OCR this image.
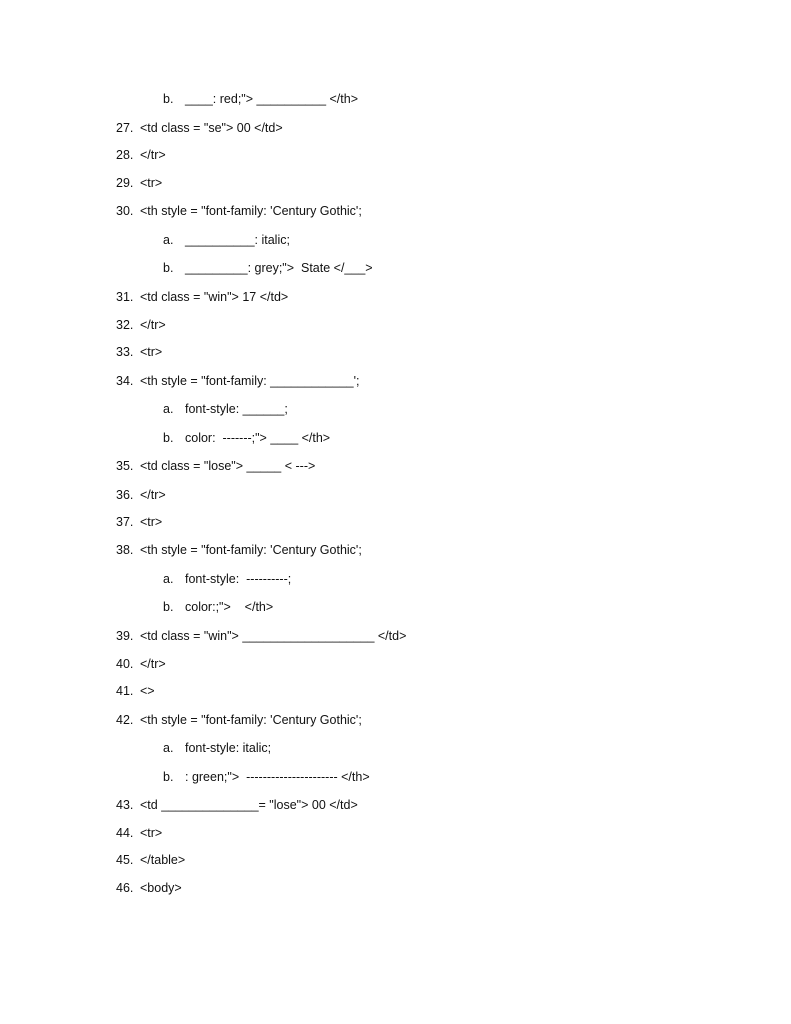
b. ____: red;"> __________ </th>
27. <td class = "se"> 00 </td>
28. </tr>
29. <tr>
30. <th style = "font-family: 'Century Gothic';
a. __________: italic;
b. _________: grey;">  State </___>
31. <td class = "win"> 17 </td>
32. </tr>
33. <tr>
34. <th style = "font-family: ____________';
a. font-style: ______;
b. color:  -------;"> ____ </th>
35. <td class = "lose"> _____ < --->
36. </tr>
37. <tr>
38. <th style = "font-family: 'Century Gothic';
a. font-style:  ----------;
b. color:;">    </th>
39. <td class = "win"> ___________________ </td>
40. </tr>
41. <>
42. <th style = "font-family: 'Century Gothic';
a. font-style: italic;
b. : green;">  ---------------------- </th>
43. <td ______________= "lose"> 00 </td>
44. <tr>
45. </table>
46. <body>
